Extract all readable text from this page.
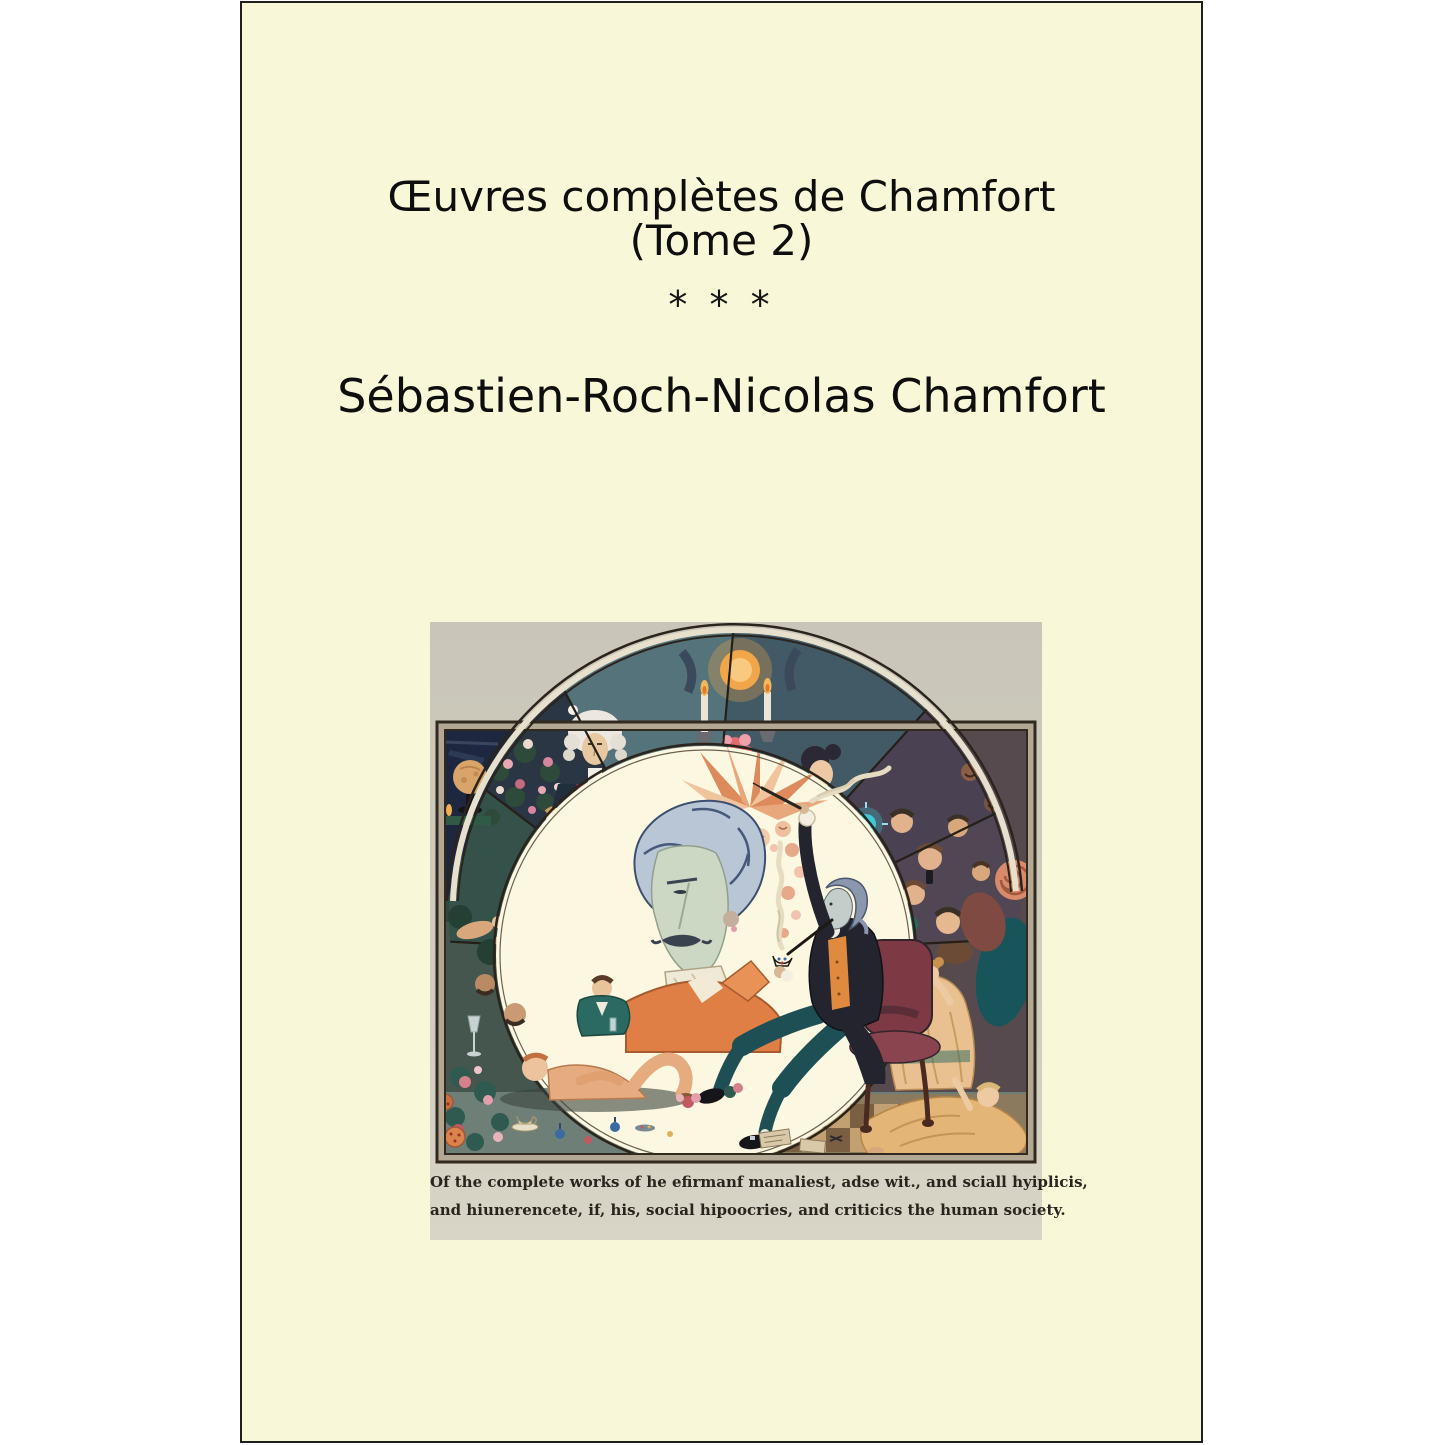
Œuvres complètes de Chamfort
(Tome 2)
* * *
Sébastien-Roch-Nicolas Chamfort
Of the complete works of he efirmanf manaliest, adse wit., and sciall hyiplicis,
and hiunerencete, if, his, social hipoocries, and criticics the human society.
